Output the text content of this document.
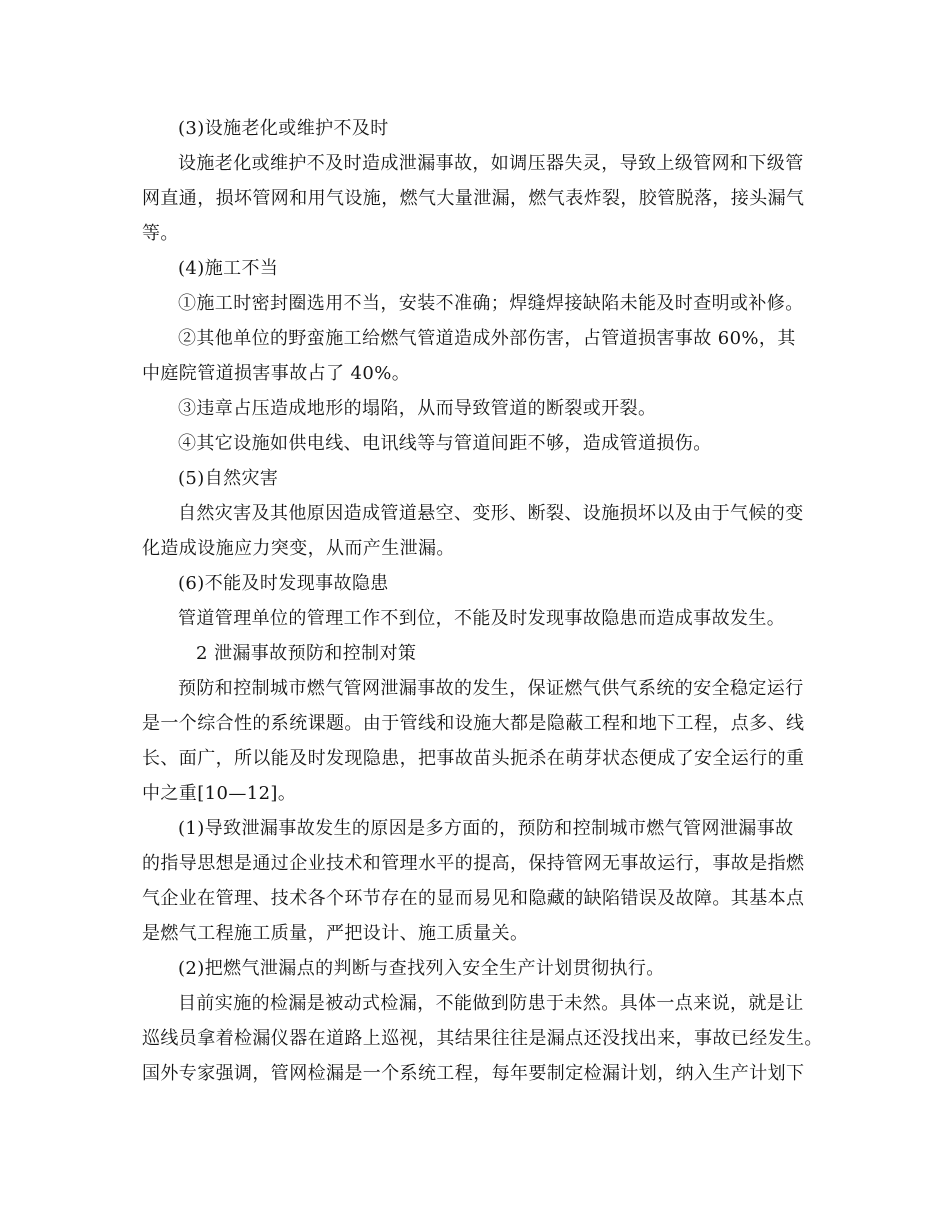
(3)设施老化或维护不及时
设施老化或维护不及时造成泄漏事故，如调压器失灵，导致上级管网和下级管
网直通，损坏管网和用气设施，燃气大量泄漏，燃气表炸裂，胶管脱落，接头漏气
等。
(4)施工不当
①施工时密封圈选用不当，安装不准确；焊缝焊接缺陷未能及时查明或补修。
②其他单位的野蛮施工给燃气管道造成外部伤害，占管道损害事故 60%，其
中庭院管道损害事故占了 40%。
③违章占压造成地形的塌陷，从而导致管道的断裂或开裂。
④其它设施如供电线、电讯线等与管道间距不够，造成管道损伤。
(5)自然灾害
自然灾害及其他原因造成管道悬空、变形、断裂、设施损坏以及由于气候的变
化造成设施应力突变，从而产生泄漏。
(6)不能及时发现事故隐患
管道管理单位的管理工作不到位，不能及时发现事故隐患而造成事故发生。
2 泄漏事故预防和控制对策
预防和控制城市燃气管网泄漏事故的发生，保证燃气供气系统的安全稳定运行
是一个综合性的系统课题。由于管线和设施大都是隐蔽工程和地下工程，点多、线
长、面广，所以能及时发现隐患，把事故苗头扼杀在萌芽状态便成了安全运行的重
中之重[10—12]。
(1)导致泄漏事故发生的原因是多方面的，预防和控制城市燃气管网泄漏事故
的指导思想是通过企业技术和管理水平的提高，保持管网无事故运行，事故是指燃
气企业在管理、技术各个环节存在的显而易见和隐藏的缺陷错误及故障。其基本点
是燃气工程施工质量，严把设计、施工质量关。
(2)把燃气泄漏点的判断与查找列入安全生产计划贯彻执行。
目前实施的检漏是被动式检漏，不能做到防患于未然。具体一点来说，就是让
巡线员拿着检漏仪器在道路上巡视，其结果往往是漏点还没找出来，事故已经发生。
国外专家强调，管网检漏是一个系统工程，每年要制定检漏计划，纳入生产计划下
